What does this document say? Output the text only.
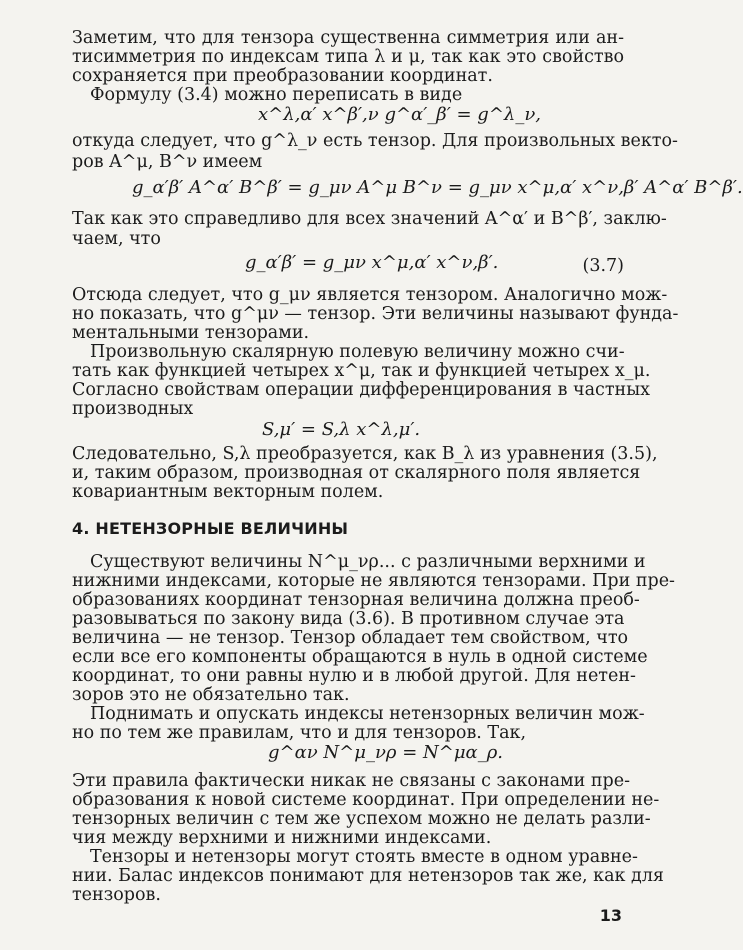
Заметим, что для тензора существенна симметрия или ан-
тисимметрия по индексам типа λ и μ, так как это свойство
сохраняется при преобразовании координат.
Формулу (3.4) можно переписать в виде
x^λ,α′ x^β′,ν g^α′_β′ = g^λ_ν,
откуда следует, что g^λ_ν есть тензор. Для произвольных векто-
ров A^μ, B^ν имеем
g_α′β′ A^α′ B^β′ = g_μν A^μ B^ν = g_μν x^μ,α′ x^ν,β′ A^α′ B^β′.
Так как это справедливо для всех значений A^α′ и B^β′, заклю-
чаем, что
g_α′β′ = g_μν x^μ,α′ x^ν,β′.	(3.7)
Отсюда следует, что g_μν является тензором. Аналогично мож-
но показать, что g^μν — тензор. Эти величины называют фунда-
ментальными тензорами.
Произвольную скалярную полевую величину можно счи-
тать как функцией четырех x^μ, так и функцией четырех x_μ.
Согласно свойствам операции дифференцирования в частных
производных
S,μ′ = S,λ x^λ,μ′.
Следовательно, S,λ преобразуется, как B_λ из уравнения (3.5),
и, таким образом, производная от скалярного поля является
ковариантным векторным полем.
4. НЕТЕНЗОРНЫЕ ВЕЛИЧИНЫ
Существуют величины N^μ_νρ... с различными верхними и
нижними индексами, которые не являются тензорами. При пре-
образованиях координат тензорная величина должна преоб-
разовываться по закону вида (3.6). В противном случае эта
величина — не тензор. Тензор обладает тем свойством, что
если все его компоненты обращаются в нуль в одной системе
координат, то они равны нулю и в любой другой. Для нетен-
зоров это не обязательно так.
Поднимать и опускать индексы нетензорных величин мож-
но по тем же правилам, что и для тензоров. Так,
g^αν N^μ_νρ = N^μα_ρ.
Эти правила фактически никак не связаны с законами пре-
образования к новой системе координат. При определении не-
тензорных величин с тем же успехом можно не делать разли-
чия между верхними и нижними индексами.
Тензоры и нетензоры могут стоять вместе в одном уравне-
нии. Балас индексов понимают для нетензоров так же, как для
тензоров.
13
